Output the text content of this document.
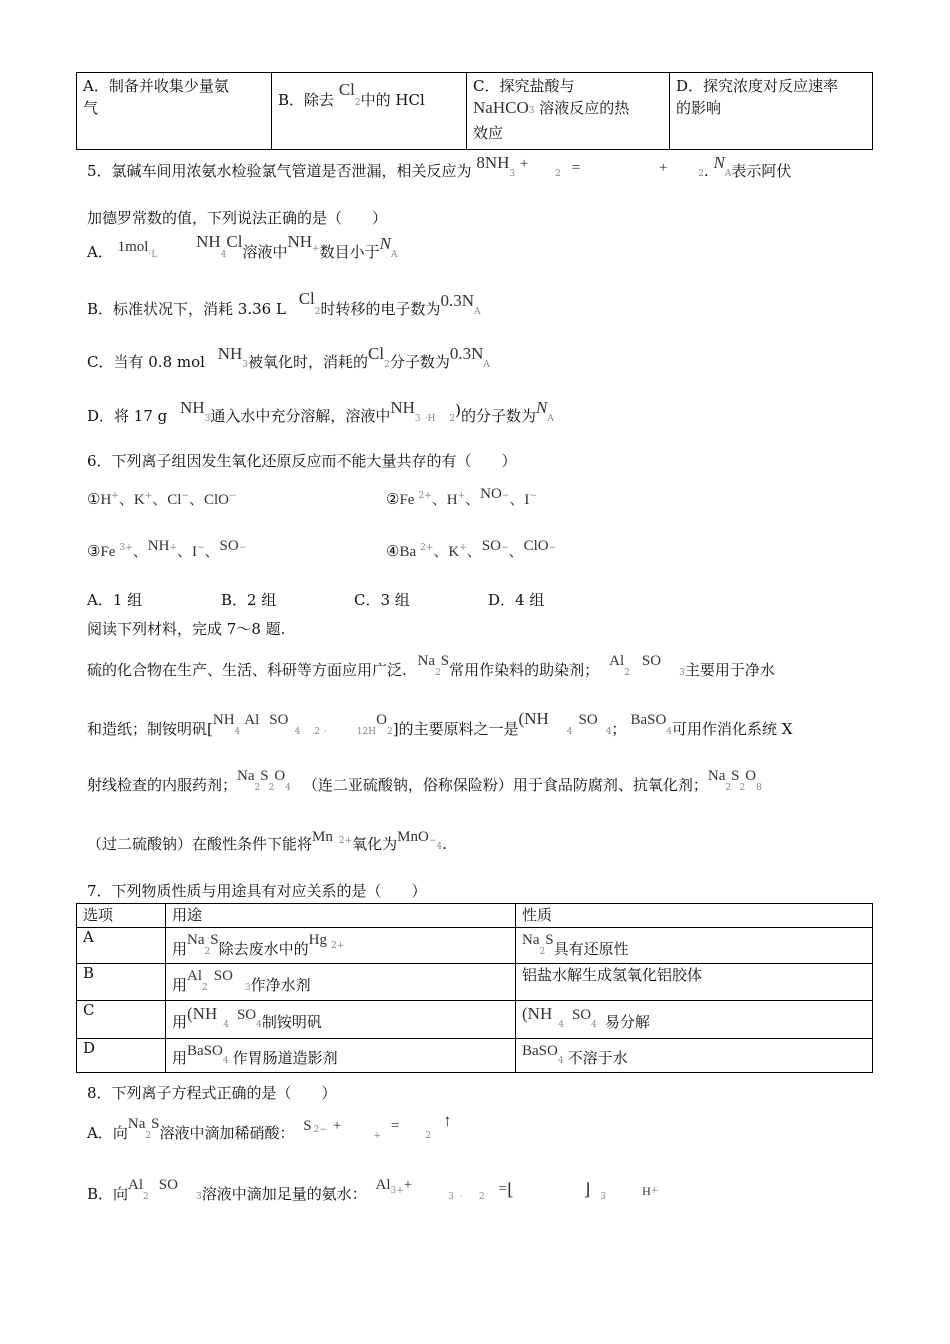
A．制备并收集少量氨
气	B．除去 Cl2中的 HCl
	C．探究盐酸与
NaHCO3 溶液反应的热
效应	D．探究浓度对反应速率
的影响
5．氯碱车间用浓氨水检验氯气管道是否泄漏，相关反应为 8NH3 + 2 =	+	2. NA表示阿伏
加德罗常数的值，下列说法正确的是（　　）
A． 1mol·L NH4Cl溶液中NH+数目小于NA
B．标准状况下，消耗 3.36 L Cl2时转移的电子数为0.3NA
C．当有 0.8 mol NH3被氧化时，消耗的Cl2分子数为0.3NA
D．将 17 g NH3通入水中充分溶解，溶液中NH3 ·H 2)的分子数为NA
6．下列离子组因发生氧化还原反应而不能大量共存的有（　　）
①H+、K+、Cl−、ClO−	②Fe $^{2+}$、H+、NO−、I−
③Fe $^{3+}$、NH+、I−、SO−	④Ba $^{2+}$、K+、SO−、ClO−
A．1 组	B．2 组	C．3 组	D．4 组
阅读下列材料，完成 7～8 题.
硫的化合物在生产、生活、科研等方面应用广泛. Na2S常用作染料的助染剂； Al2SO3主要用于净水
和造纸；制铵明矾[NH4Al SO4 2 ·	12HO2]的主要原料之一是(NH4SO4； BaSO4可用作消化系统 X
射线检查的内服药剂；Na2S2O4 （连二亚硫酸钠，俗称保险粉）用于食品防腐剂、抗氧化剂；Na2S2O8
（过二硫酸钠）在酸性条件下能将Mn $^{2+}$氧化为MnO−4.
7．下列物质性质与用途具有对应关系的是（　　）
选项	用途	性质
A	用Na2S除去废水中的Hg $^{2+}$	Na2S具有还原性

B	用Al2SO3作净水剂	铝盐水解生成氢氧化铝胶体
C	用(NH4SO4制铵明矾	(NH4SO4 易分解

D	用BaSO4 作胃肠道造影剂	BaSO4 不溶于水
8．下列离子方程式正确的是（　　）
A．向Na2S溶液中滴加稀硝酸： S $^{2-}$ ++=2↑
B．向Al2SO3溶液中滴加足量的氨水： $Al^{3+}+3 \cdot 2$ =⌊	⌋ 3	$^{H+}$
